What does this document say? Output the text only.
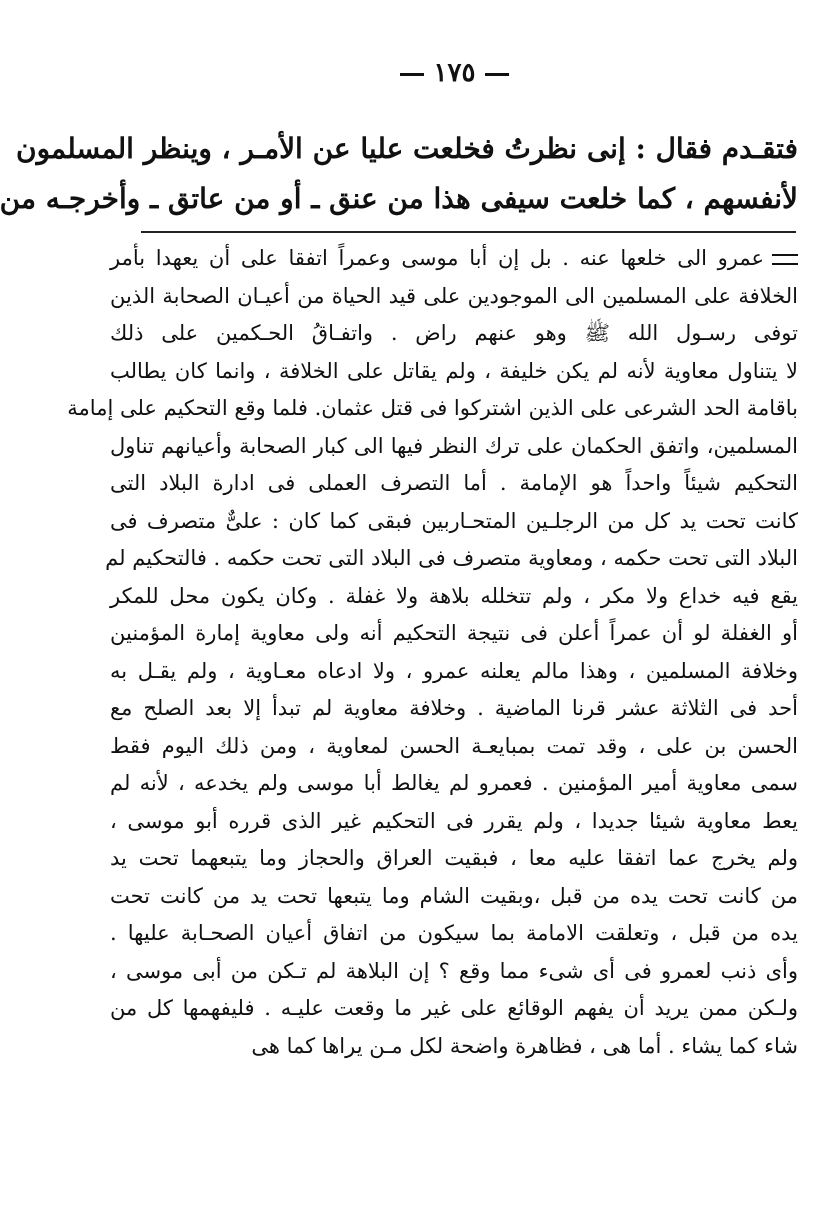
١٧٥
فتقـدم فقال : إنى نظرتُ فخلعت عليا عن الأمـر ، وينظر المسلمون
لأنفسهم ، كما خلعت سيفى هذا من عنق ـ أو من عاتق ـ وأخرجـه من
عمرو الى خلعها عنه . بل إن أبا موسى وعمراً اتفقا على أن يعهدا بأمر
الخلافة على المسلمين الى الموجودين على قيد الحياة من أعيـان الصحابة الذين
توفى رسـول الله ﷺ وهو عنهم راض . واتفـاقُ الحـكمين على ذلك
لا يتناول معاوية لأنه لم يكن خليفة ، ولم يقاتل على الخلافة ، وانما كان يطالب
باقامة الحد الشرعى على الذين اشتركوا فى قتل عثمان. فلما وقع التحكيم على إمامة
المسلمين، واتفق الحكمان على ترك النظر فيها الى كبار الصحابة وأعيانهم تناول
التحكيم شيئاً واحداً هو الإمامة . أما التصرف العملى فى ادارة البلاد التى
كانت تحت يد كل من الرجلـين المتحـاربين فبقى كما كان : علىٌّ متصرف فى
البلاد التى تحت حكمه ، ومعاوية متصرف فى البلاد التى تحت حكمه . فالتحكيم لم
يقع فيه خداع ولا مكر ، ولم تتخلله بلاهة ولا غفلة . وكان يكون محل للمكر
أو الغفلة لو أن عمراً أعلن فى نتيجة التحكيم أنه ولى معاوية إمارة المؤمنين
وخلافة المسلمين ، وهذا مالم يعلنه عمرو ، ولا ادعاه معـاوية ، ولم يقـل به
أحد فى الثلاثة عشر قرنا الماضية . وخلافة معاوية لم تبدأ إلا بعد الصلح مع
الحسن بن على ، وقد تمت بمبايعـة الحسن لمعاوية ، ومن ذلك اليوم فقط
سمى معاوية أمير المؤمنين . فعمرو لم يغالط أبا موسى ولم يخدعه ، لأنه لم
يعط معاوية شيئا جديدا ، ولم يقرر فى التحكيم غير الذى قرره أبو موسى ،
ولم يخرج عما اتفقا عليه معا ، فبقيت العراق والحجاز وما يتبعهما تحت يد
من كانت تحت يده من قبل ،وبقيت الشام وما يتبعها تحت يد من كانت تحت
يده من قبل ، وتعلقت الامامة بما سيكون من اتفاق أعيان الصحـابة عليها .
وأى ذنب لعمرو فى أى شىء مما وقع ؟ إن البلاهة لم تـكن من أبى موسى ،
ولـكن ممن يريد أن يفهم الوقائع على غير ما وقعت عليـه . فليفهمها كل من
شاء كما يشاء . أما هى ، فظاهرة واضحة لكل مـن يراها كما هى
